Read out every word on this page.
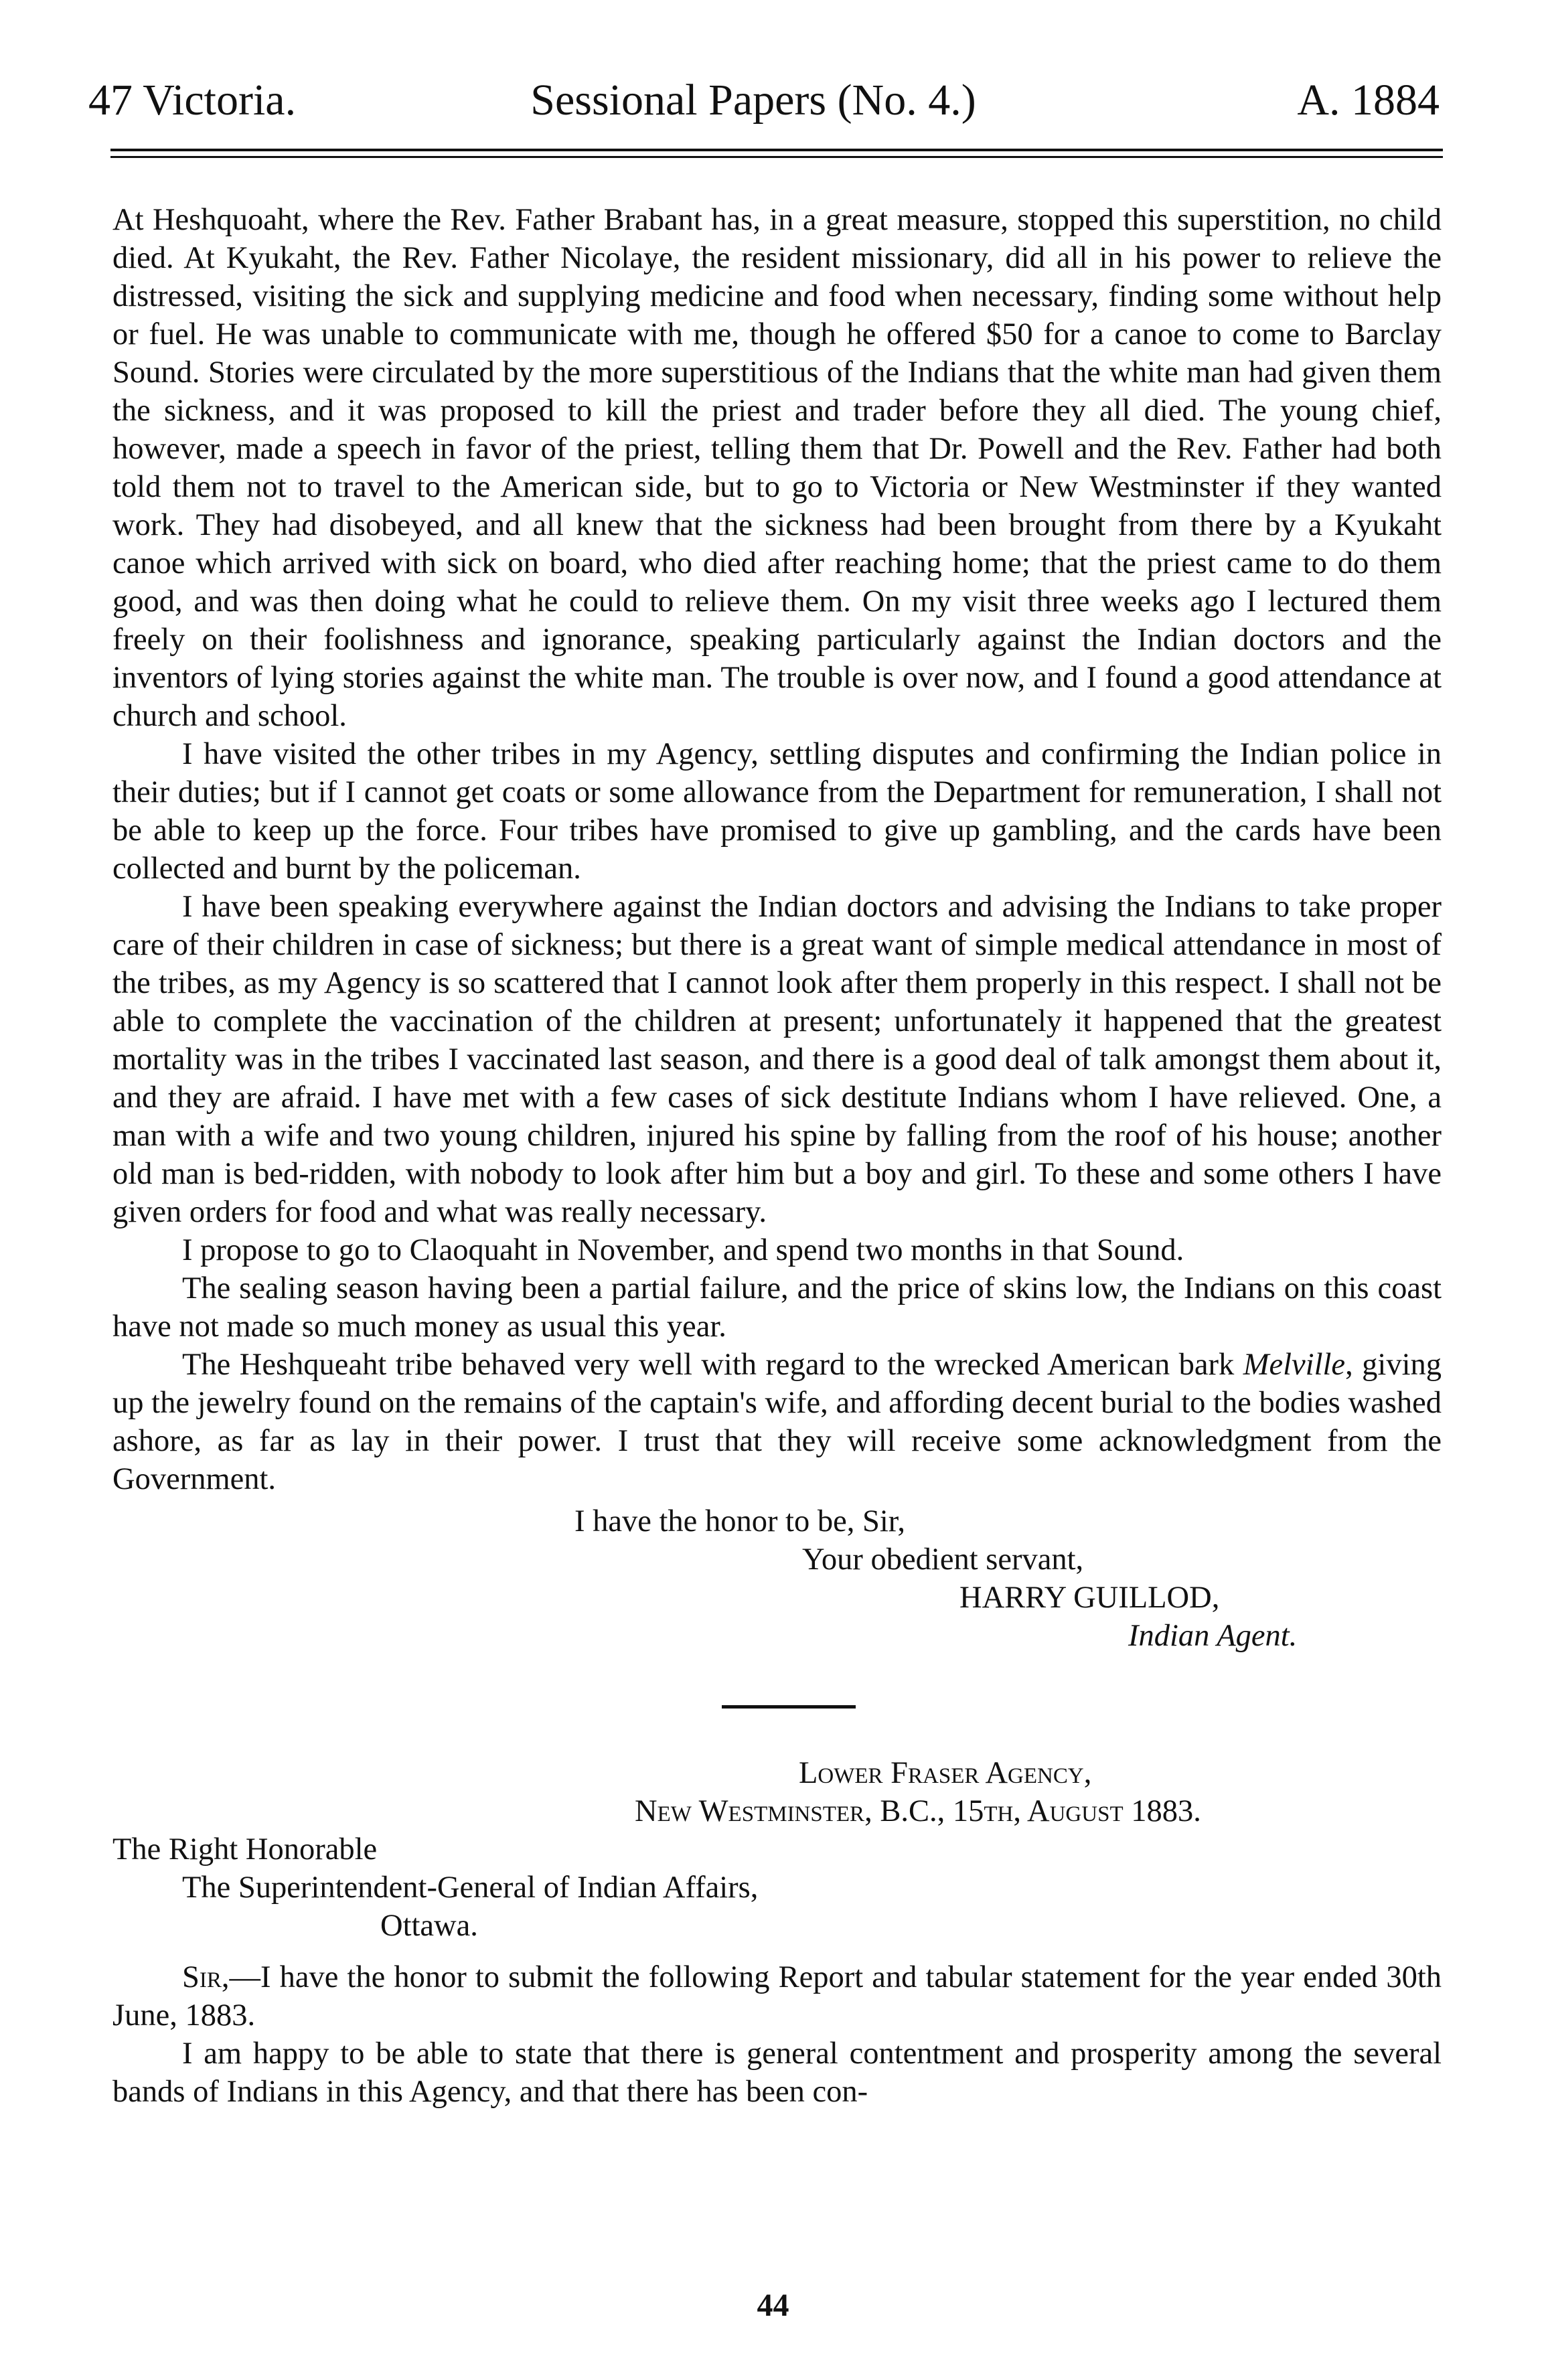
47 Victoria.	Sessional Papers (No. 4.)	A. 1884

At Heshquoaht, where the Rev. Father Brabant has, in a great measure, stopped this superstition, no child died. At Kyukaht, the Rev. Father Nicolaye, the resident missionary, did all in his power to relieve the distressed, visiting the sick and supplying medicine and food when necessary, finding some without help or fuel. He was unable to communicate with me, though he offered $50 for a canoe to come to Barclay Sound. Stories were circulated by the more superstitious of the Indians that the white man had given them the sickness, and it was proposed to kill the priest and trader before they all died. The young chief, however, made a speech in favor of the priest, telling them that Dr. Powell and the Rev. Father had both told them not to travel to the American side, but to go to Victoria or New Westminster if they wanted work. They had disobeyed, and all knew that the sickness had been brought from there by a Kyukaht canoe which arrived with sick on board, who died after reaching home; that the priest came to do them good, and was then doing what he could to relieve them. On my visit three weeks ago I lectured them freely on their foolishness and ignorance, speaking particularly against the Indian doctors and the inventors of lying stories against the white man. The trouble is over now, and I found a good attendance at church and school.

I have visited the other tribes in my Agency, settling disputes and confirming the Indian police in their duties; but if I cannot get coats or some allowance from the Department for remuneration, I shall not be able to keep up the force. Four tribes have promised to give up gambling, and the cards have been collected and burnt by the policeman.

I have been speaking everywhere against the Indian doctors and advising the Indians to take proper care of their children in case of sickness; but there is a great want of simple medical attendance in most of the tribes, as my Agency is so scattered that I cannot look after them properly in this respect. I shall not be able to complete the vaccination of the children at present; unfortunately it happened that the greatest mortality was in the tribes I vaccinated last season, and there is a good deal of talk amongst them about it, and they are afraid. I have met with a few cases of sick destitute Indians whom I have relieved. One, a man with a wife and two young children, injured his spine by falling from the roof of his house; another old man is bed-ridden, with nobody to look after him but a boy and girl. To these and some others I have given orders for food and what was really necessary.

I propose to go to Claoquaht in November, and spend two months in that Sound.

The sealing season having been a partial failure, and the price of skins low, the Indians on this coast have not made so much money as usual this year.

The Heshqueaht tribe behaved very well with regard to the wrecked American bark Melville, giving up the jewelry found on the remains of the captain's wife, and affording decent burial to the bodies washed ashore, as far as lay in their power. I trust that they will receive some acknowledgment from the Government.

I have the honor to be, Sir,

Your obedient servant,

HARRY GUILLOD,

Indian Agent.

Lower Fraser Agency,

New Westminster, B.C., 15th, August 1883.

The Right Honorable

The Superintendent-General of Indian Affairs,

Ottawa.

Sir,—I have the honor to submit the following Report and tabular statement for the year ended 30th June, 1883.

I am happy to be able to state that there is general contentment and prosperity among the several bands of Indians in this Agency, and that there has been con-

44
